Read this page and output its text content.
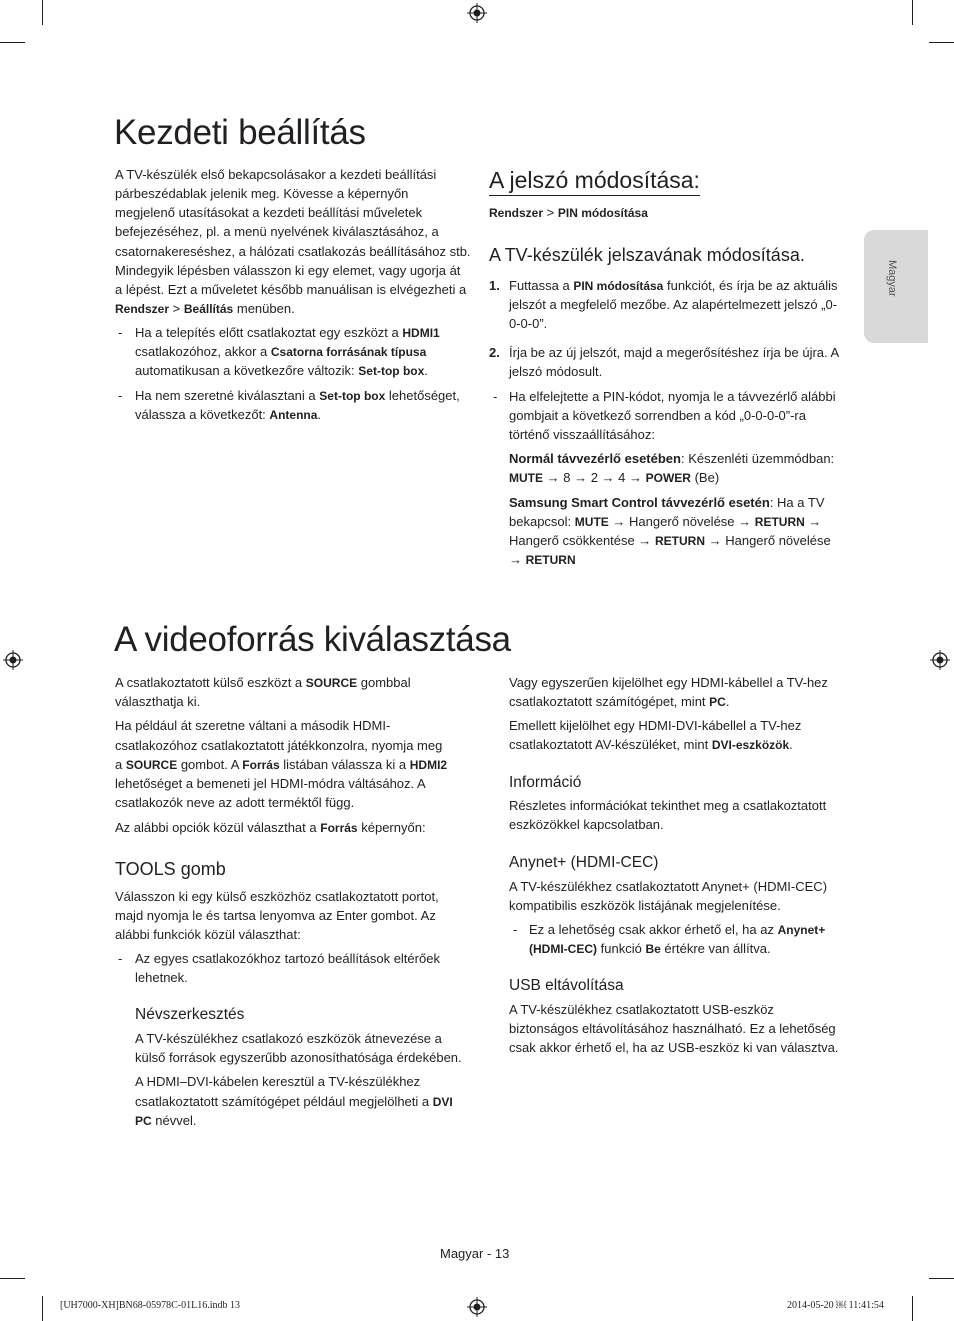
Magyar
Kezdeti beállítás

A TV-készülék első bekapcsolásakor a kezdeti beállítási

párbeszédablak jelenik meg. Kövesse a képernyőn

megjelenő utasításokat a kezdeti beállítási műveletek

befejezéséhez, pl. a menü nyelvének kiválasztásához, a

csatornakereséshez, a hálózati csatlakozás beállításához stb.

Mindegyik lépésben válasszon ki egy elemet, vagy ugorja át

a lépést. Ezt a műveletet később manuálisan is elvégezheti a

Rendszer > Beállítás menüben.

- Ha a telepítés előtt csatlakoztat egy eszközt a HDMI1

csatlakozóhoz, akkor a Csatorna forrásának típusa

automatikusan a következőre változik: Set-top box.

- Ha nem szeretné kiválasztani a Set-top box lehetőséget,

válassza a következőt: Antenna.

A jelszó módosítása:

Rendszer > PIN módosítása

A TV-készülék jelszavának módosítása.
1. Futtassa a PIN módosítása funkciót, és írja be az aktuális

jelszót a megfelelő mezőbe. Az alapértelmezett jelszó „0-

0-0-0”.

2. Írja be az új jelszót, majd a megerősítéshez írja be újra. A

jelszó módosult.

- Ha elfelejtette a PIN-kódot, nyomja le a távvezérlő alábbi

gombjait a következő sorrendben a kód „0-0-0-0”-ra

történő visszaállításához:

Normál távvezérlő esetében: Készenléti üzemmódban:

MUTE → 8 → 2 → 4 → POWER (Be)

Samsung Smart Control távvezérlő esetén: Ha a TV

bekapcsol: MUTE → Hangerő növelése → RETURN →

Hangerő csökkentése → RETURN → Hangerő növelése

→ RETURN

A videoforrás kiválasztása

A csatlakoztatott külső eszközt a SOURCE gombbal

választhatja ki.

Ha például át szeretne váltani a második HDMI-

csatlakozóhoz csatlakoztatott játékkonzolra, nyomja meg

a SOURCE gombot. A Forrás listában válassza ki a HDMI2

lehetőséget a bemeneti jel HDMI-módra váltásához. A

csatlakozók neve az adott terméktől függ.

Az alábbi opciók közül választhat a Forrás képernyőn:

TOOLS gomb

Válasszon ki egy külső eszközhöz csatlakoztatott portot,

majd nyomja le és tartsa lenyomva az Enter gombot. Az

alábbi funkciók közül választhat:

- Az egyes csatlakozókhoz tartozó beállítások eltérőek

lehetnek.

Névszerkesztés

A TV-készülékhez csatlakozó eszközök átnevezése a

külső források egyszerűbb azonosíthatósága érdekében.

A HDMI–DVI-kábelen keresztül a TV-készülékhez

csatlakoztatott számítógépet például megjelölheti a DVI

PC névvel.

Vagy egyszerűen kijelölhet egy HDMI-kábellel a TV-hez

csatlakoztatott számítógépet, mint PC.

Emellett kijelölhet egy HDMI-DVI-kábellel a TV-hez

csatlakoztatott AV-készüléket, mint DVI-eszközök.

Információ

Részletes információkat tekinthet meg a csatlakoztatott

eszközökkel kapcsolatban.

Anynet+ (HDMI-CEC)

A TV-készülékhez csatlakoztatott Anynet+ (HDMI-CEC)

kompatibilis eszközök listájának megjelenítése.

- Ez a lehetőség csak akkor érhető el, ha az Anynet+

(HDMI-CEC) funkció Be értékre van állítva.

USB eltávolítása

A TV-készülékhez csatlakoztatott USB-eszköz

biztonságos eltávolításához használható. Ez a lehetőség

csak akkor érhető el, ha az USB-eszköz ki van választva.

Magyar - 13

[UH7000-XH]BN68-05978C-01L16.indb 13	2014-05-20 ￼ 11:41:54
